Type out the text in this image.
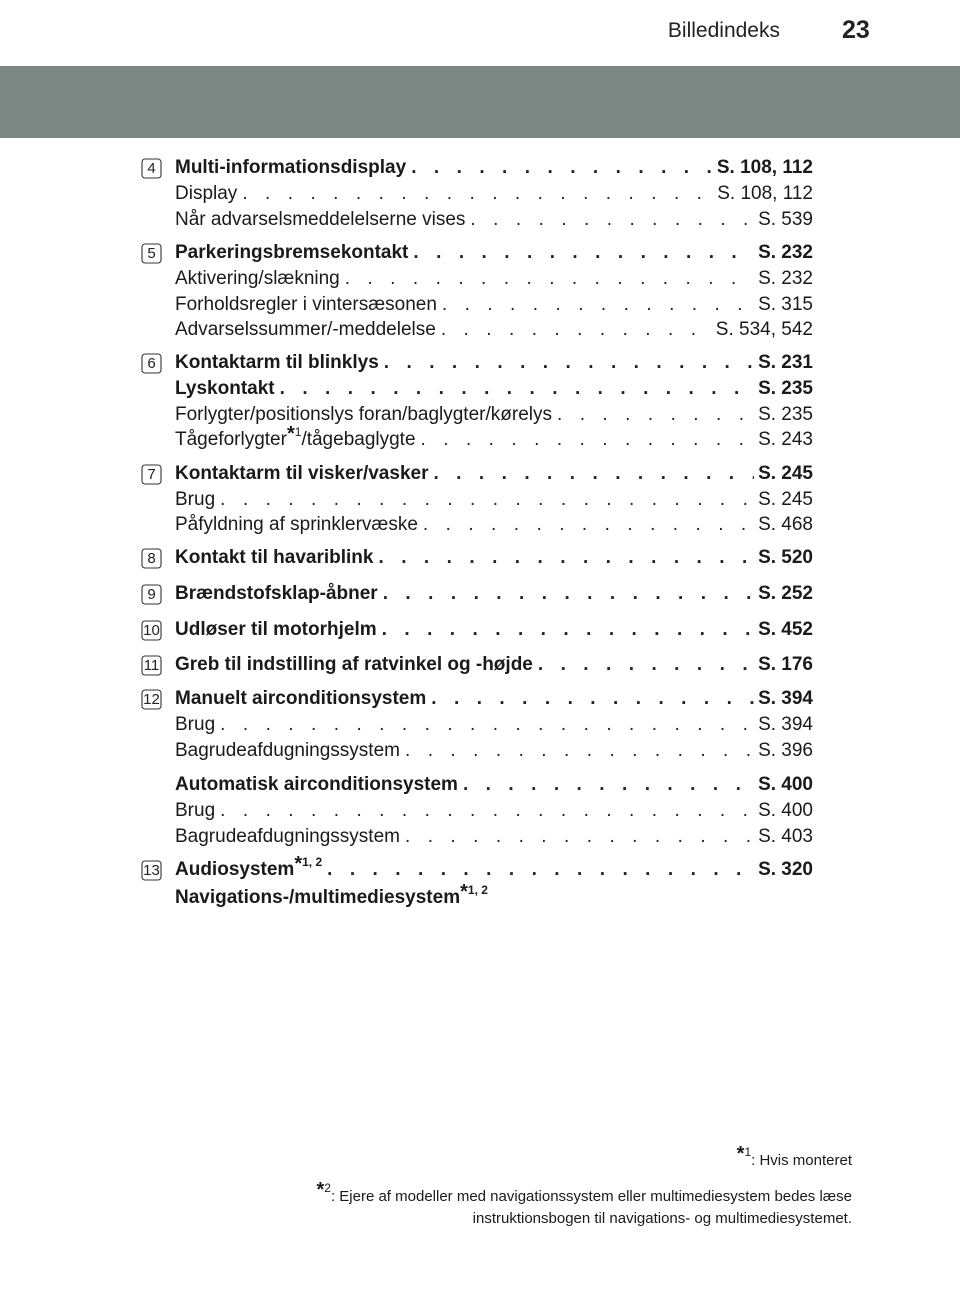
Billedindeks 23
4	Multi-informationsdisplay . . .	S. 108, 112
Display . . .	S. 108, 112
Når advarselsmeddelelserne vises . . .	S. 539
5	Parkeringsbremsekontakt . . .	S. 232
Aktivering/slækning . . .	S. 232
Forholdsregler i vintersæsonen . . .	S. 315
Advarselssummer/-meddelelse . . .	S. 534, 542
6	Kontaktarm til blinklys . . .	S. 231
Lyskontakt . . .	S. 235
Forlygter/positionslys foran/baglygter/kørelys . . .	S. 235
Tågeforlygter$^{*1}$/tågebaglygte . . .	S. 243
7	Kontaktarm til visker/vasker . . .	S. 245
Brug . . .	S. 245
Påfyldning af sprinklervæske . . .	S. 468
8	Kontakt til havariblink . . .	S. 520
9	Brændstofsklap-åbner . . .	S. 252
10 Udløser til motorhjelm . . .	S. 452
11 Greb til indstilling af ratvinkel og -højde . . .	S. 176
12 Manuelt airconditionsystem . . .	S. 394
Brug . . .	S. 394
Bagrudeafdugningssystem . . .	S. 396
Automatisk airconditionsystem . . .	S. 400
Brug . . .	S. 400
Bagrudeafdugningssystem . . .	S. 403
13 Audiosystem$^{*1, 2}$ . . .	S. 320
Navigations-/multimediesystem$^{*1, 2}$
$^{*1}$: Hvis monteret
$^{*2}$: Ejere af modeller med navigationssystem eller multimediesystem bedes læse
instruktionsbogen til navigations- og multimediesystemet.
